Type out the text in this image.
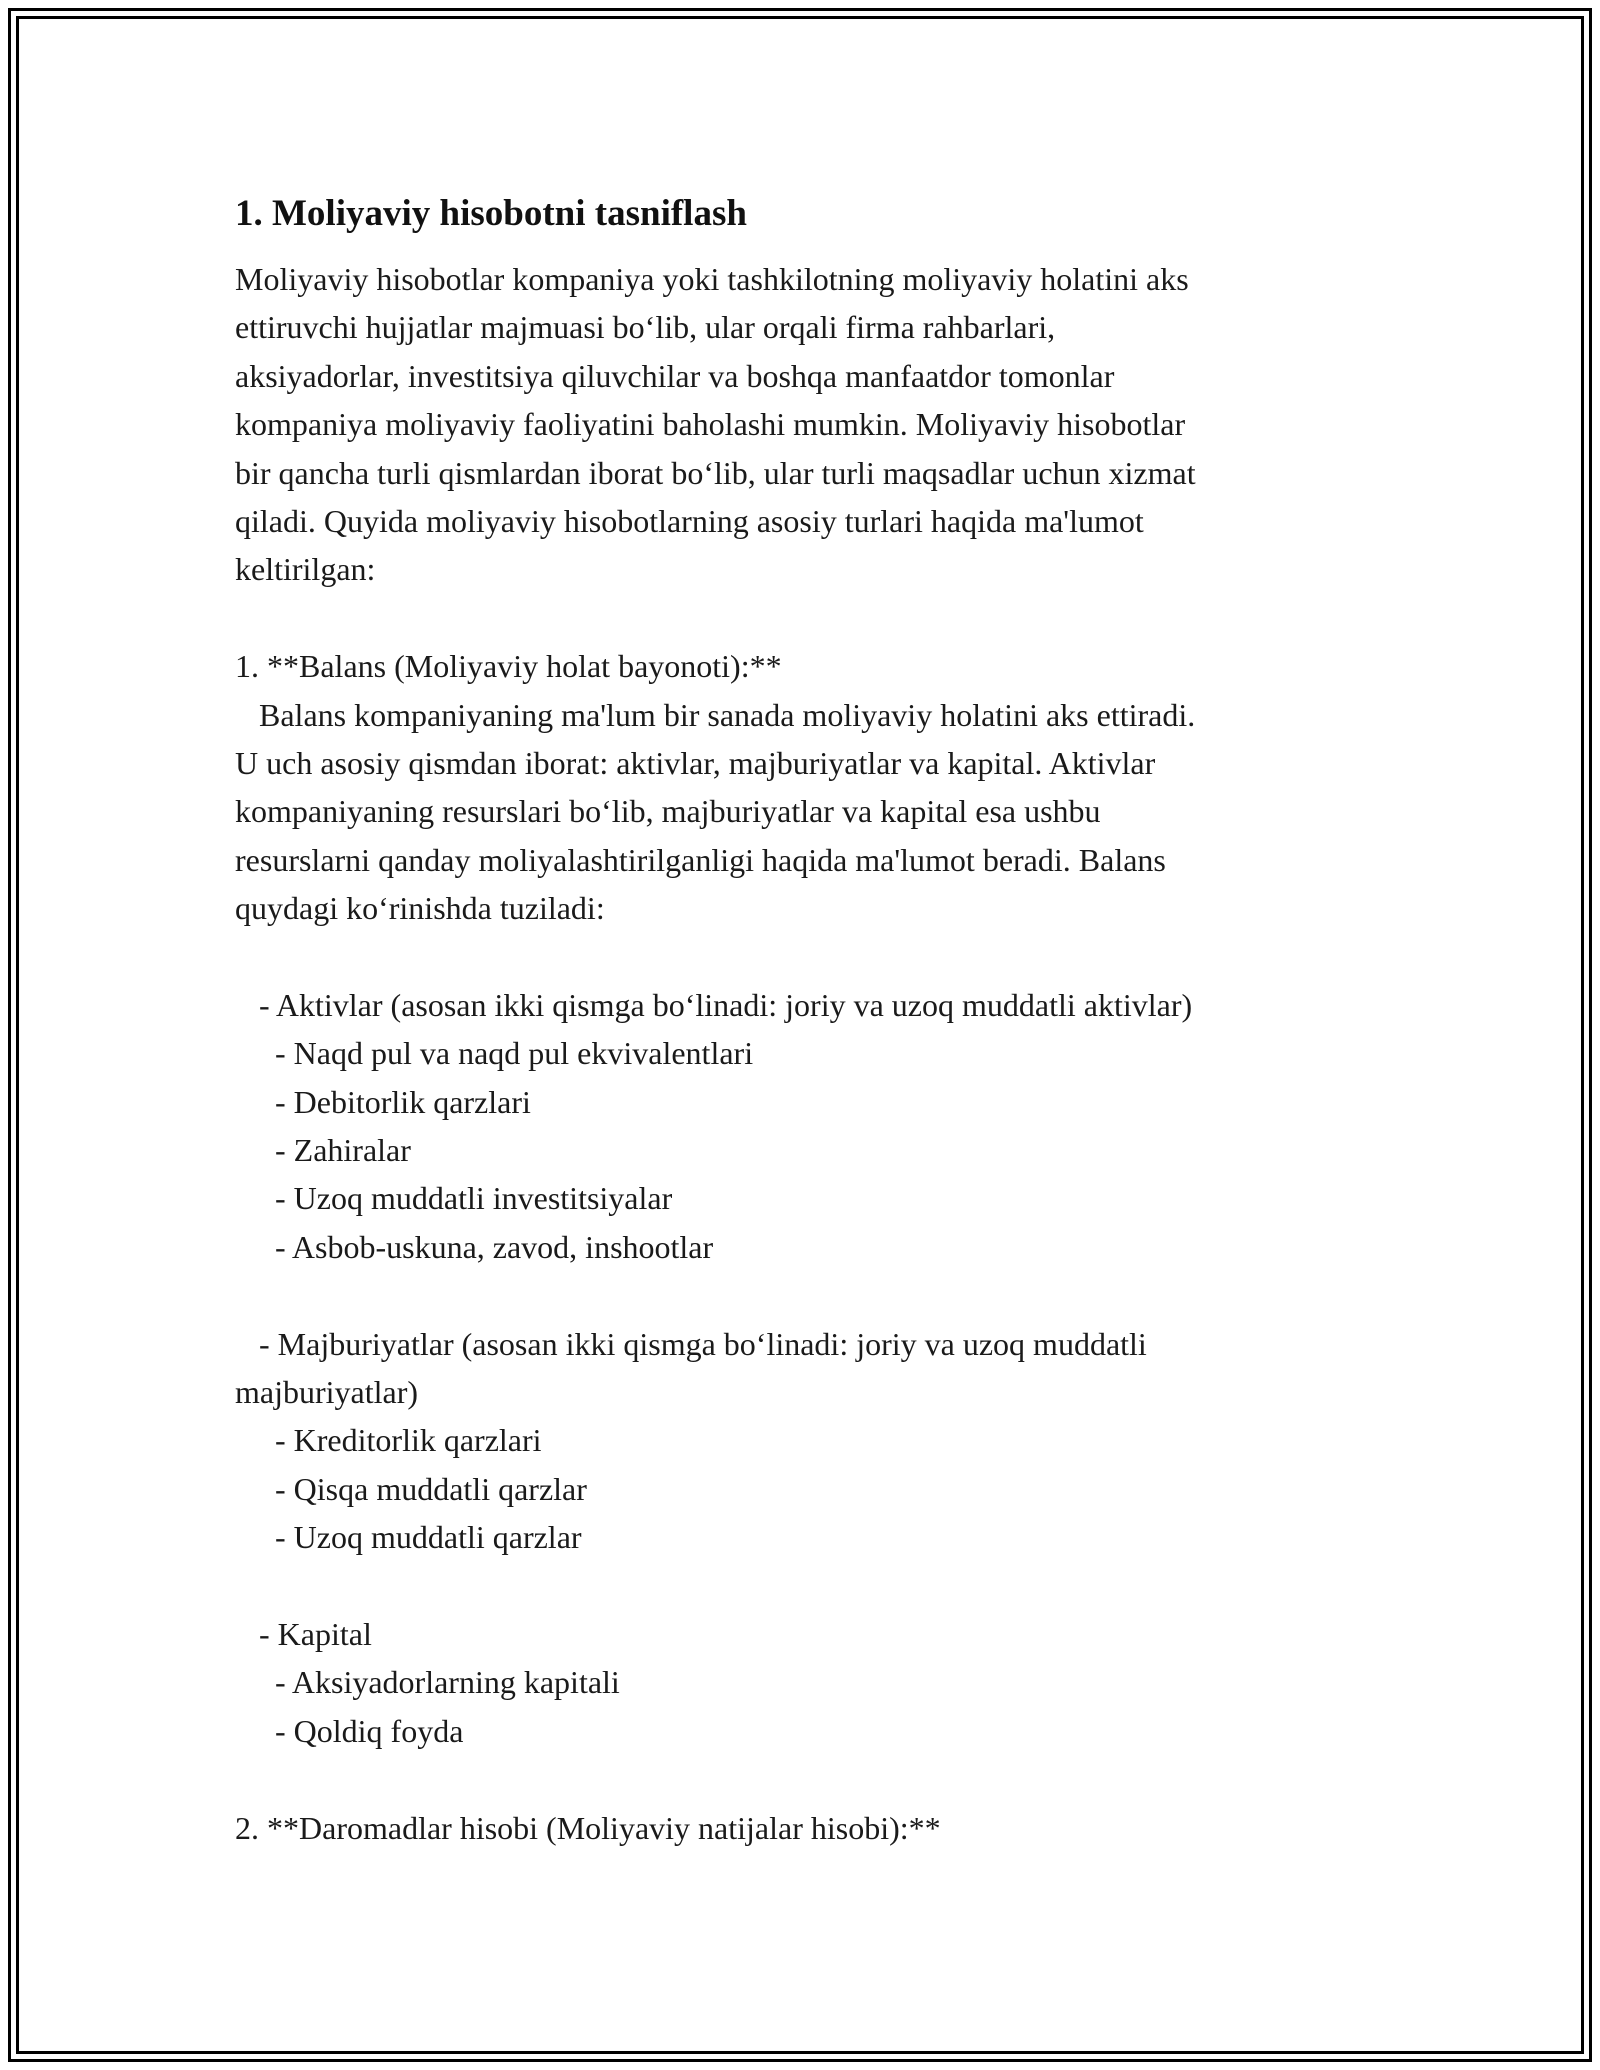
1. Moliyaviy hisobotni tasniflash
Moliyaviy hisobotlar kompaniya yoki tashkilotning moliyaviy holatini aks
ettiruvchi hujjatlar majmuasi bo‘lib, ular orqali firma rahbarlari,
aksiyadorlar, investitsiya qiluvchilar va boshqa manfaatdor tomonlar
kompaniya moliyaviy faoliyatini baholashi mumkin. Moliyaviy hisobotlar
bir qancha turli qismlardan iborat bo‘lib, ular turli maqsadlar uchun xizmat
qiladi. Quyida moliyaviy hisobotlarning asosiy turlari haqida ma'lumot
keltirilgan:
1. **Balans (Moliyaviy holat bayonoti):**
Balans kompaniyaning ma'lum bir sanada moliyaviy holatini aks ettiradi.
U uch asosiy qismdan iborat: aktivlar, majburiyatlar va kapital. Aktivlar
kompaniyaning resurslari bo‘lib, majburiyatlar va kapital esa ushbu
resurslarni qanday moliyalashtirilganligi haqida ma'lumot beradi. Balans
quydagi ko‘rinishda tuziladi:
- Aktivlar (asosan ikki qismga bo‘linadi: joriy va uzoq muddatli aktivlar)
- Naqd pul va naqd pul ekvivalentlari
- Debitorlik qarzlari
- Zahiralar
- Uzoq muddatli investitsiyalar
- Asbob-uskuna, zavod, inshootlar
- Majburiyatlar (asosan ikki qismga bo‘linadi: joriy va uzoq muddatli
majburiyatlar)
- Kreditorlik qarzlari
- Qisqa muddatli qarzlar
- Uzoq muddatli qarzlar
- Kapital
- Aksiyadorlarning kapitali
- Qoldiq foyda
2. **Daromadlar hisobi (Moliyaviy natijalar hisobi):**
